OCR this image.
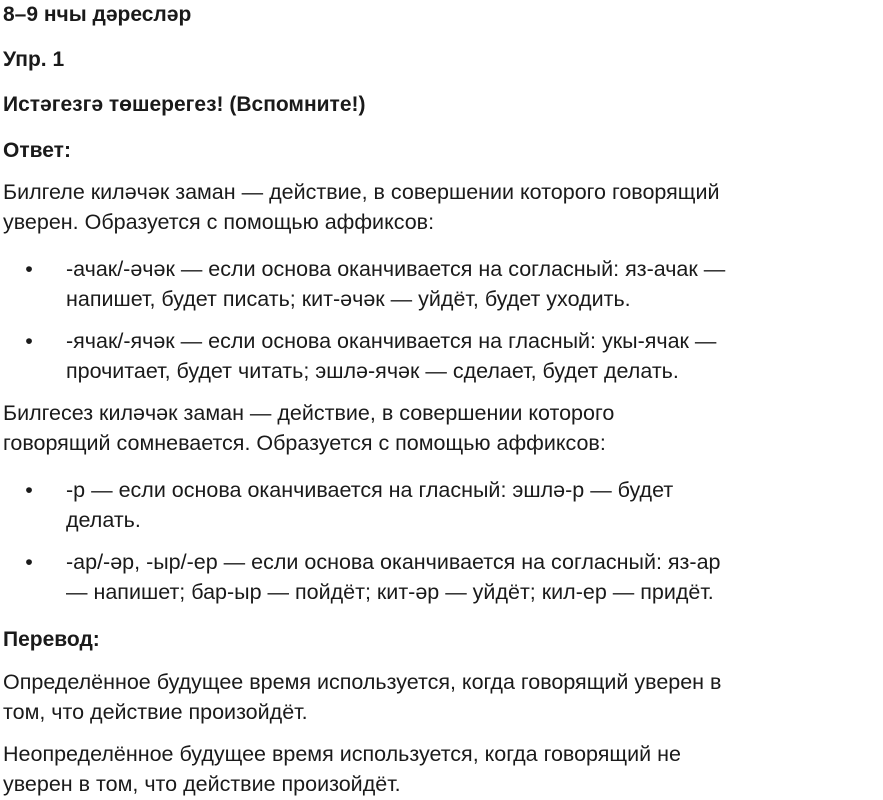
8–9 нчы дәресләр
Упр. 1
Истәгезгә төшерегез! (Вспомните!)
Ответ:

Билгеле киләчәк заман — действие, в совершении которого говорящий
уверен. Образуется с помощью аффиксов:

• -ачак/-әчәк — если основа оканчивается на согласный: яз-ачак —
напишет, будет писать; кит-әчәк — уйдёт, будет уходить.
• -ячак/-ячәк — если основа оканчивается на гласный: укы-ячак —
прочитает, будет читать; эшлә-ячәк — сделает, будет делать.

Билгесез киләчәк заман — действие, в совершении которого
говорящий сомневается. Образуется с помощью аффиксов:

• -р — если основа оканчивается на гласный: эшлә-р — будет
делать.
• -ар/-әр, -ыр/-ер — если основа оканчивается на согласный: яз-ар
— напишет; бар-ыр — пойдёт; кит-әр — уйдёт; кил-ер — придёт.
Перевод:

Определённое будущее время используется, когда говорящий уверен в
том, что действие произойдёт.

Неопределённое будущее время используется, когда говорящий не
уверен в том, что действие произойдёт.
